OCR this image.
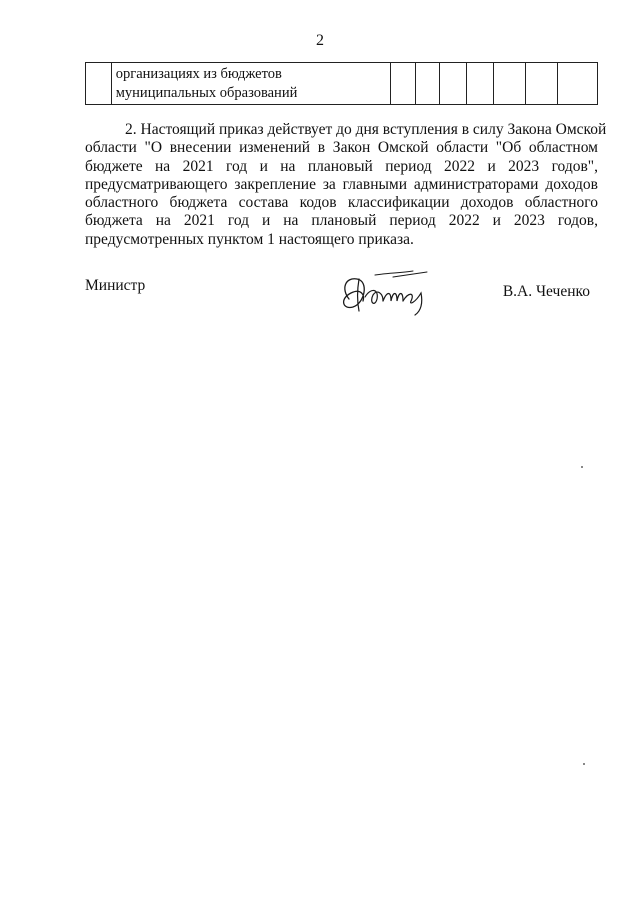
2

организациях из бюджетов
муниципальных образований

2. Настоящий приказ действует до дня вступления в силу Закона Омской
области "О внесении изменений в Закон Омской области "Об областном
бюджете на 2021 год и на плановый период 2022 и 2023 годов",
предусматривающего закрепление за главными администраторами доходов
областного бюджета состава кодов классификации доходов областного
бюджета на 2021 год и на плановый период 2022 и 2023 годов,
предусмотренных пунктом 1 настоящего приказа.
Министр	В.А. Чеченко
